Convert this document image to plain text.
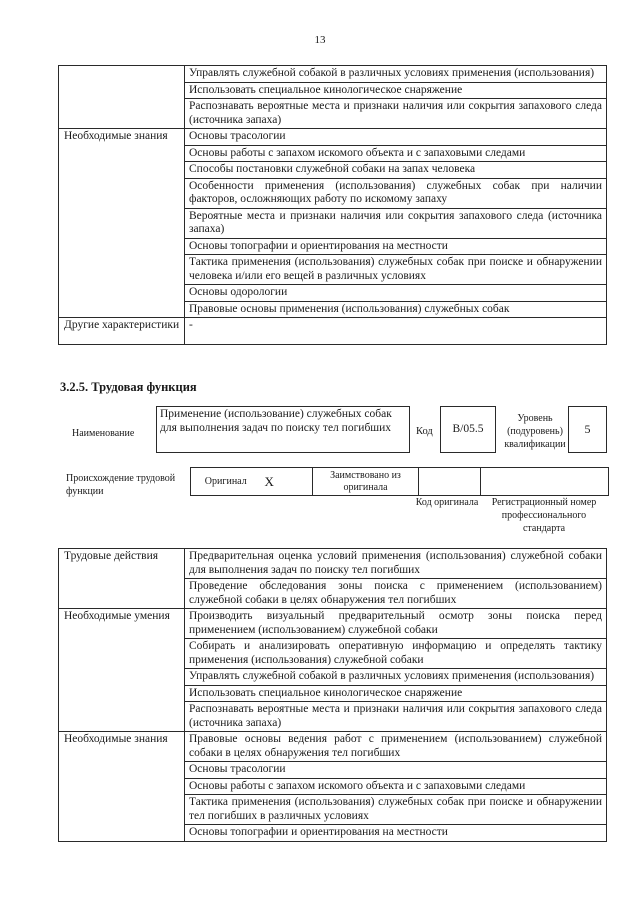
13
	Управлять служебной собакой в различных условиях применения (использования)
	Использовать специальное кинологическое снаряжение
	Распознавать вероятные места и признаки наличия или сокрытия запахового следа (источника запаха)
Необходимые знания	Основы трасологии
	Основы работы с запахом искомого объекта и с запаховыми следами
	Способы постановки служебной собаки на запах человека
	Особенности применения (использования) служебных собак при наличии факторов, осложняющих работу по искомому запаху
	Вероятные места и признаки наличия или сокрытия запахового следа (источника запаха)
	Основы топографии и ориентирования на местности
	Тактика применения (использования) служебных собак при поиске и обнаружении человека и/или его вещей в различных условиях
	Основы одорологии
	Правовые основы применения (использования) служебных собак
Другие характеристики	-
3.2.5. Трудовая функция
Наименование
Применение (использование) служебных собак для выполнения задач по поиску тел погибших	Код	B/05.5
Уровень (подуровень) квалификации
5
Происхождение трудовой функции
Оригинал	X	Заимствовано из оригинала		
Код оригинала	Регистрационный номер профессионального стандарта
Трудовые действия	Предварительная оценка условий применения (использования) служебной собаки для выполнения задач по поиску тел погибших
	Проведение обследования зоны поиска с применением (использованием) служебной собаки в целях обнаружения тел погибших
Необходимые умения	Производить визуальный предварительный осмотр зоны поиска перед применением (использованием) служебной собаки
	Собирать и анализировать оперативную информацию и определять тактику применения (использования) служебной собаки
	Управлять служебной собакой в различных условиях применения (использования)
	Использовать специальное кинологическое снаряжение
	Распознавать вероятные места и признаки наличия или сокрытия запахового следа (источника запаха)
Необходимые знания	Правовые основы ведения работ с применением (использованием) служебной собаки в целях обнаружения тел погибших
	Основы трасологии
	Основы работы с запахом искомого объекта и с запаховыми следами
	Тактика применения (использования) служебных собак при поиске и обнаружении тел погибших в различных условиях
	Основы топографии и ориентирования на местности
